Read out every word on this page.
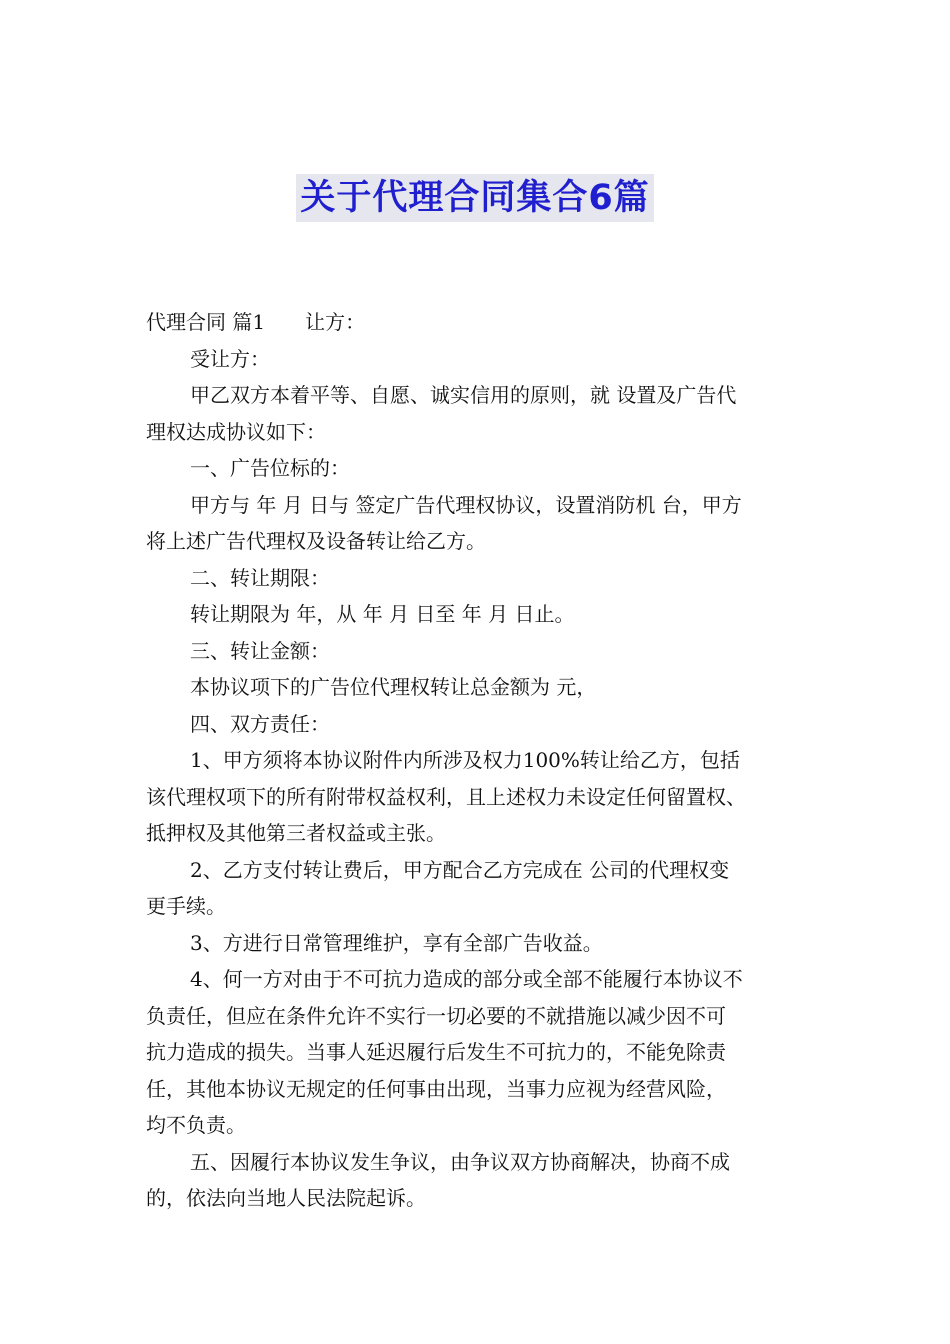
关于代理合同集合6篇
代理合同 篇1 让方：
受让方：
甲乙双方本着平等、自愿、诚实信用的原则，就 设置及广告代
理权达成协议如下：
一、广告位标的：
甲方与 年 月 日与 签定广告代理权协议，设置消防机 台，甲方
将上述广告代理权及设备转让给乙方。
二、转让期限：
转让期限为 年，从 年 月 日至 年 月 日止。
三、转让金额：
本协议项下的广告位代理权转让总金额为 元，
四、双方责任：
1、甲方须将本协议附件内所涉及权力100%转让给乙方，包括
该代理权项下的所有附带权益权利，且上述权力未设定任何留置权、
抵押权及其他第三者权益或主张。
2、乙方支付转让费后，甲方配合乙方完成在 公司的代理权变
更手续。
3、方进行日常管理维护，享有全部广告收益。
4、何一方对由于不可抗力造成的部分或全部不能履行本协议不
负责任，但应在条件允许不实行一切必要的不就措施以减少因不可
抗力造成的损失。当事人延迟履行后发生不可抗力的，不能免除责
任，其他本协议无规定的任何事由出现，当事力应视为经营风险，
均不负责。
五、因履行本协议发生争议，由争议双方协商解决，协商不成
的，依法向当地人民法院起诉。
